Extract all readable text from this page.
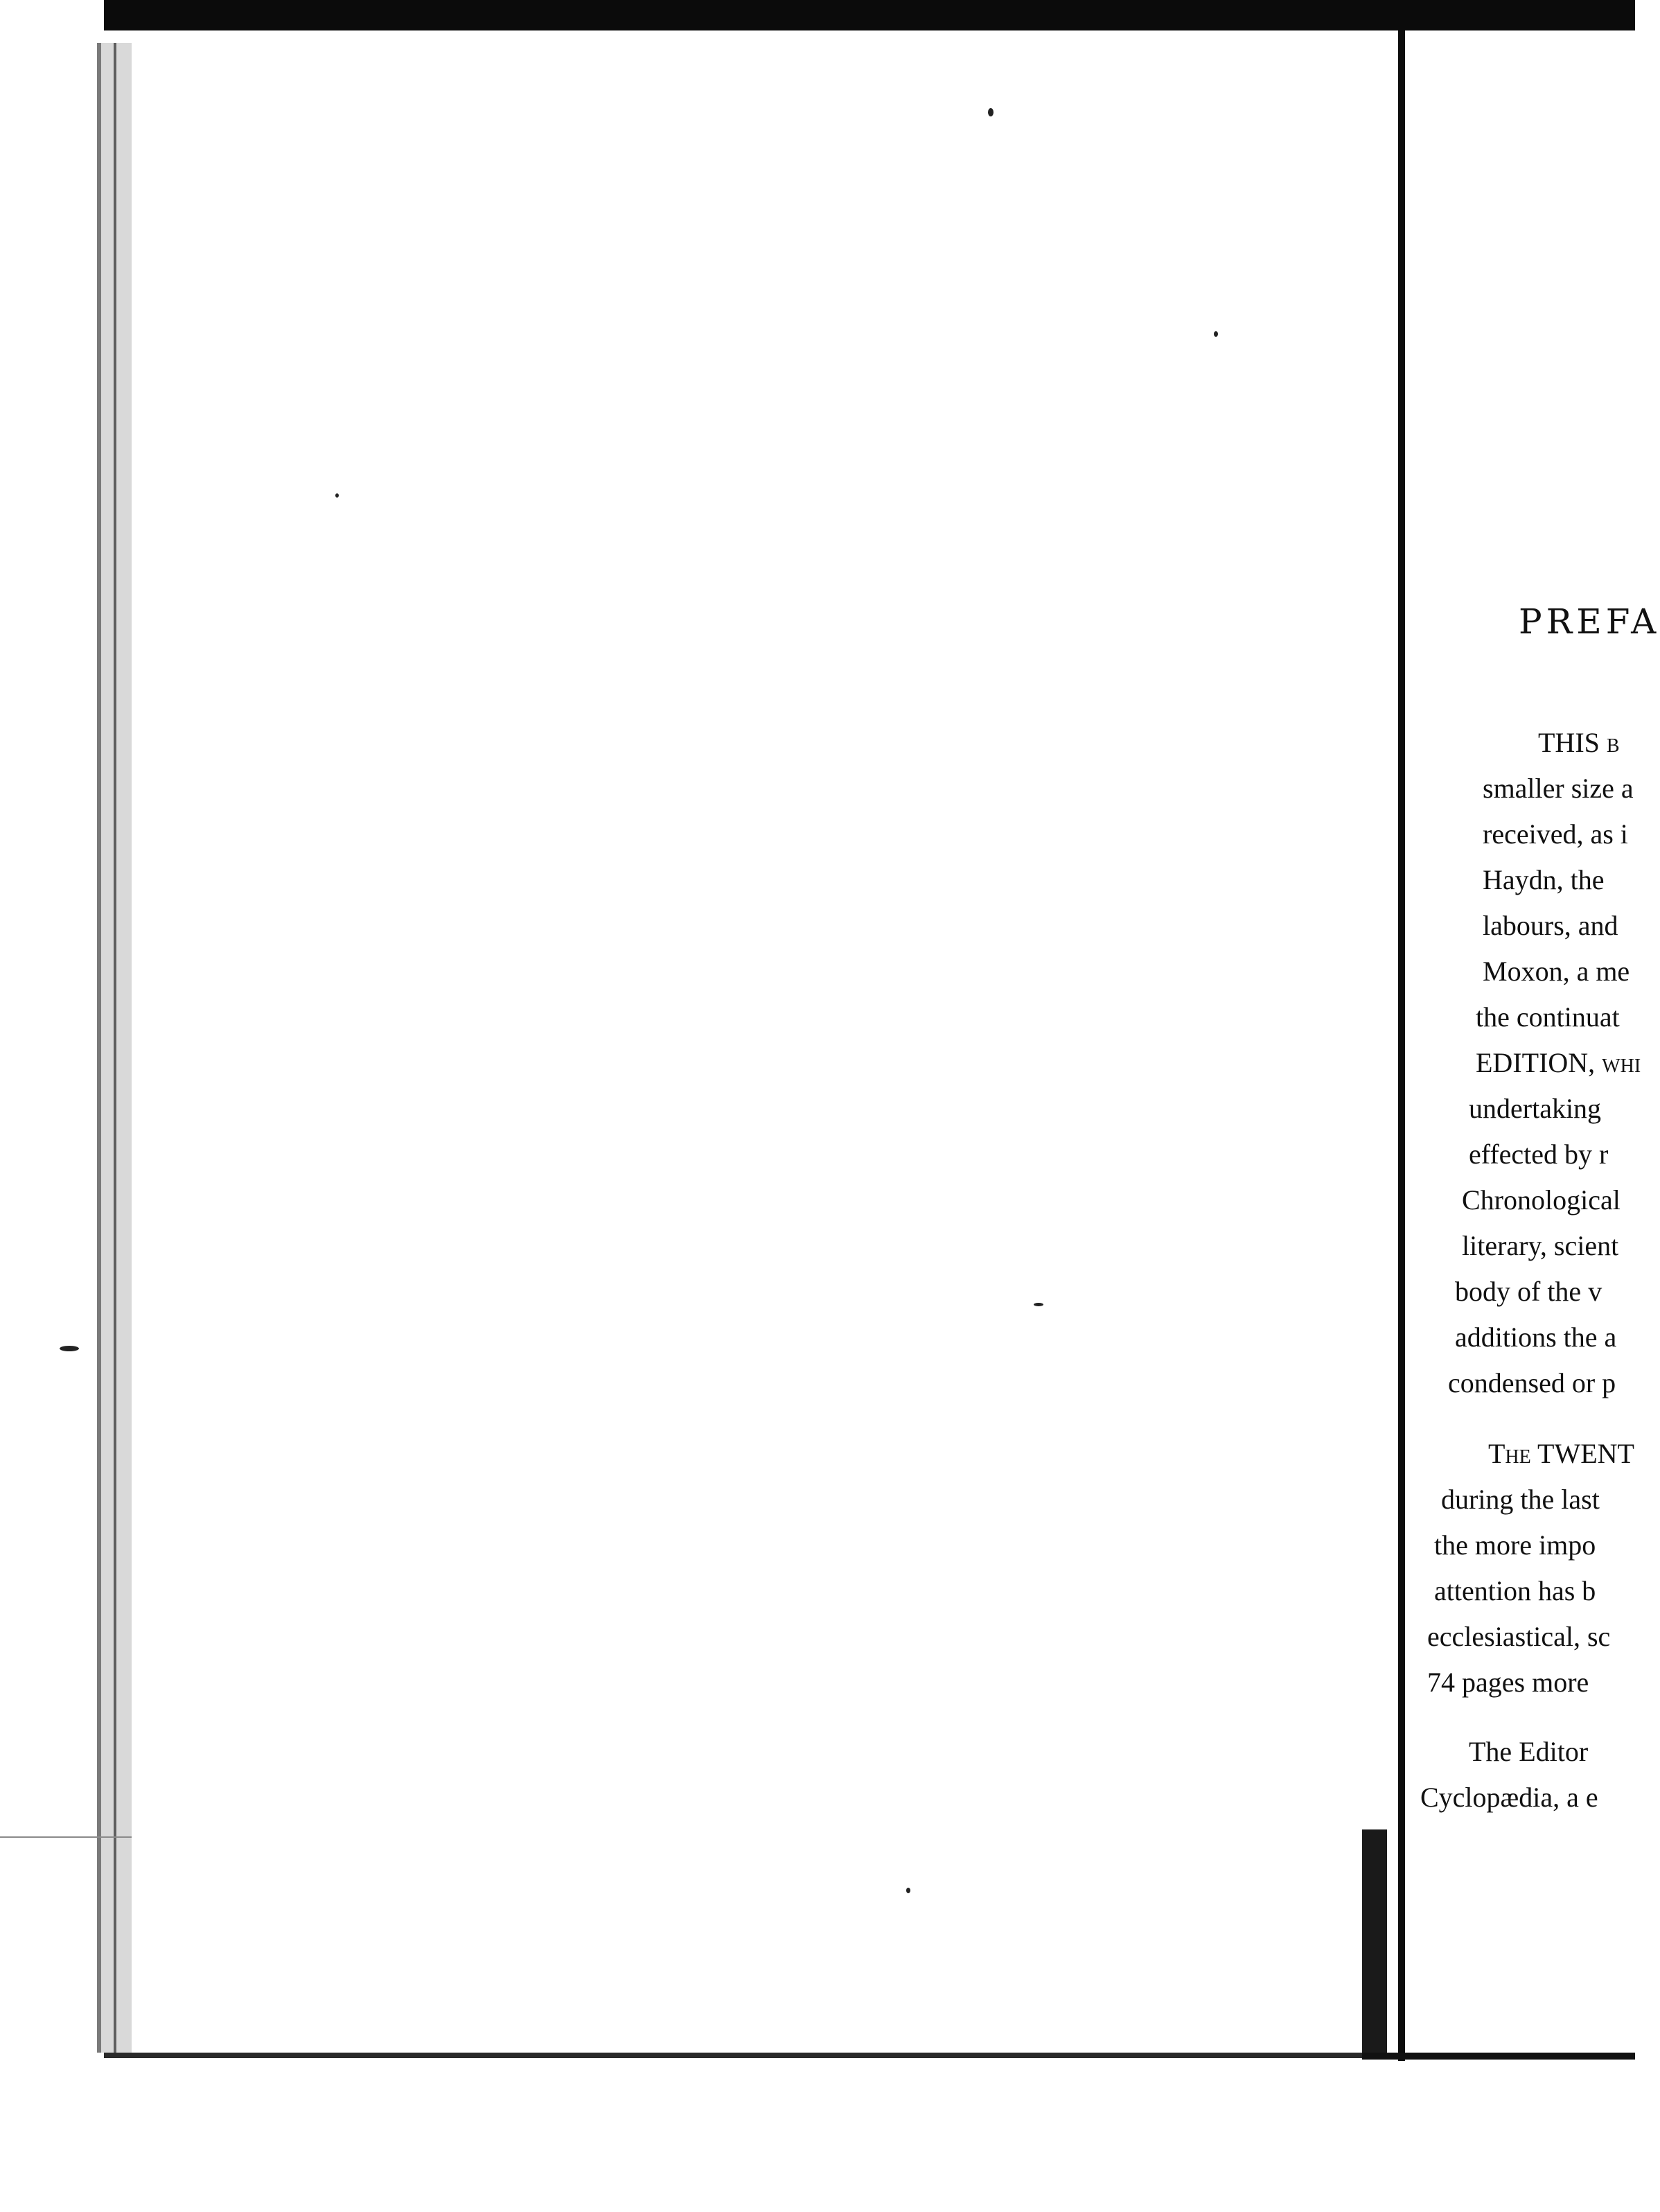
PREFA
THIS b
smaller size a
received, as i
Haydn, the
labours, and
Moxon, a me
the continuat
EDITION, whi
undertaking
effected by r
Chronological
literary, scient
body of the v
additions the a
condensed or p
The TWENT
during the last
the more impo
attention has b
ecclesiastical, sc
74 pages more
The Editor
Cyclopædia, a e
